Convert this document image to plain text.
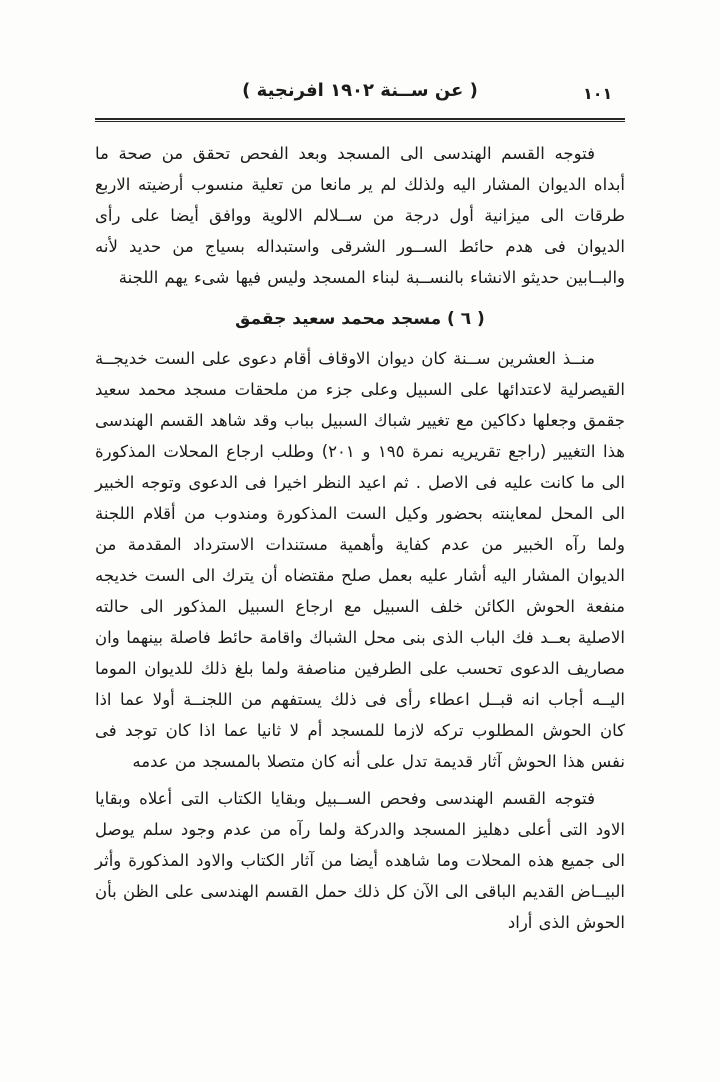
( عن ســنة ١٩٠٢ افرنجية )	١٠١

فتوجه القسم الهندسى الى المسجد وبعد الفحص تحقق من صحة ما أبداه الديوان المشار اليه ولذلك لم ير مانعا من تعلية منسوب أرضيته الاربع طرقات الى ميزانية أول درجة من ســلالم الالوية ووافق أيضا على رأى الديوان فى هدم حائط الســور الشرقى واستبداله بسياج من حديد لأنه والبــابين حديثو الانشاء بالنســبة لبناء المسجد وليس فيها شىء يهم اللجنة

( ٦ ) مسجد محمد سعيد جقمق

منــذ العشرين ســنة كان ديوان الاوقاف أقام دعوى على الست خديجــة القيصرلية لاعتدائها على السبيل وعلى جزء من ملحقات مسجد محمد سعيد جقمق وجعلها دكاكين مع تغيير شباك السبيل بباب وقد شاهد القسم الهندسى هذا التغيير (راجع تقريريه نمرة ١٩٥ و ٢٠١) وطلب ارجاع المحلات المذكورة الى ما كانت عليه فى الاصل . ثم اعيد النظر اخيرا فى الدعوى وتوجه الخبير الى المحل لمعاينته بحضور وكيل الست المذكورة ومندوب من أقلام اللجنة ولما رآه الخبير من عدم كفاية وأهمية مستندات الاسترداد المقدمة من الديوان المشار اليه أشار عليه بعمل صلح مقتضاه أن يترك الى الست خديجه منفعة الحوش الكائن خلف السبيل مع ارجاع السبيل المذكور الى حالته الاصلية بعــد فك الباب الذى بنى محل الشباك واقامة حائط فاصلة بينهما وان مصاريف الدعوى تحسب على الطرفين مناصفة ولما بلغ ذلك للديوان الموما اليــه أجاب انه قبــل اعطاء رأى فى ذلك يستفهم من اللجنــة أولا عما اذا كان الحوش المطلوب تركه لازما للمسجد أم لا ثانيا عما اذا كان توجد فى نفس هذا الحوش آثار قديمة تدل على أنه كان متصلا بالمسجد من عدمه

فتوجه القسم الهندسى وفحص الســبيل وبقايا الكتاب التى أعلاه وبقايا الاود التى أعلى دهليز المسجد والدركة ولما رآه من عدم وجود سلم يوصل الى جميع هذه المحلات وما شاهده أيضا من آثار الكتاب والاود المذكورة وأثر البيــاض القديم الباقى الى الآن كل ذلك حمل القسم الهندسى على الظن بأن الحوش الذى أراد
